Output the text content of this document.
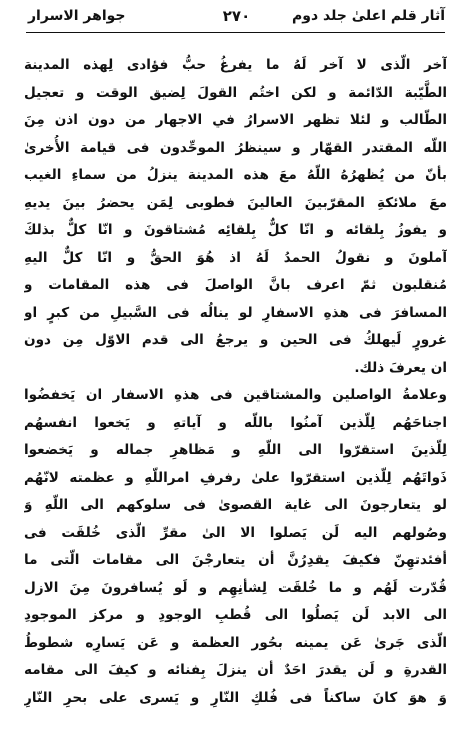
آثار قلم اعلیٰ جلد دوم
٢٧٠
جواهر الاسرار
آخر الّذى لا آخر لَهُ ما يفرغُ حبُّ فؤادى لِهذه المدينة
الطَّيّبة الدّائمة و لكن اختُم القولَ لِضيق الوقت و تعجيل
الطّالب و لئلا تظهر الاسرارُ في الاجهار من دون اذن مِنَ
اللّه المقتدر القهّار و سينظرُ الموحِّدون فى قيامة الأُخرىٰ
بأنّ من يُظهرُهُ اللّهُ معَ هذه المدينة ينزلُ من سماءِ الغيب
معَ ملائكةِ المقرّبينَ العالينَ فطوبى لِمَن يحضرُ بينَ يديهِ
و يفوزُ بِلقائه و انّا كلٌّ بِلقائِه مُشتاقونَ و انّا كلٌّ بذلكَ
آملونَ و نقولُ الحمدُ لَهُ اذ هُوَ الحقُّ و انّا كلٌّ اليهِ
مُنقلبون ثمّ اعرف بانَّ الواصلَ فى هذه المقامات و
المسافرَ فى هذهِ الاسفارِ لو ينالُه فى السَّبيلِ من كبرٍ او
غرورٍ لَيهلكُ فى الحين و يرجعُ الى قدم الاوّل مِن دون
ان يعرفَ ذلك.
وعلامةُ الواصلين والمشتاقين فى هذهِ الاسفار ان يَخفضُوا
اجناحَهُم لِلّذين آمنُوا باللّه و آياتهِ و يَخعوا انفسهُم
لِلّذينَ استقرّوا الى اللّهِ و مَظاهرِ جماله و يَخضعوا
ذَواتَهُم لِلّذين استقرّوا علىٰ رفرفِ امراللّهِ و عظمته لانّهُم
لو يتعارجونَ الى غاية القصوىٰ فى سلوكهم الى اللّهِ وَ
وصُولهم اليه لَن يَصلوا الا الىٰ مقرِّ الّذى خُلقَت فى
أفئدتهِنّ فكيفَ يقدِرُنَّ أن يتعارجْنَ الى مقامات الّتى ما
قُدّرت لَهُم و ما خُلقَت لِشأنِهِم و لَو يُسافرونَ مِنَ الازل
الى الابد لَن يَصلُوا الى قُطبِ الوجودِ و مركز الموجودِ
الّذى جَرىٰ عَن يمينه بحُور العظمة و عَن يَسارِه شطوطُ
القدرةِ و لَن يقدرَ احَدٌ أن ينزلَ بِفنائه و كيفَ الى مقامه
وَ هوَ كانَ ساكناً فى فُلكِ النّارِ و يَسرى على بحرِ النّارِ
